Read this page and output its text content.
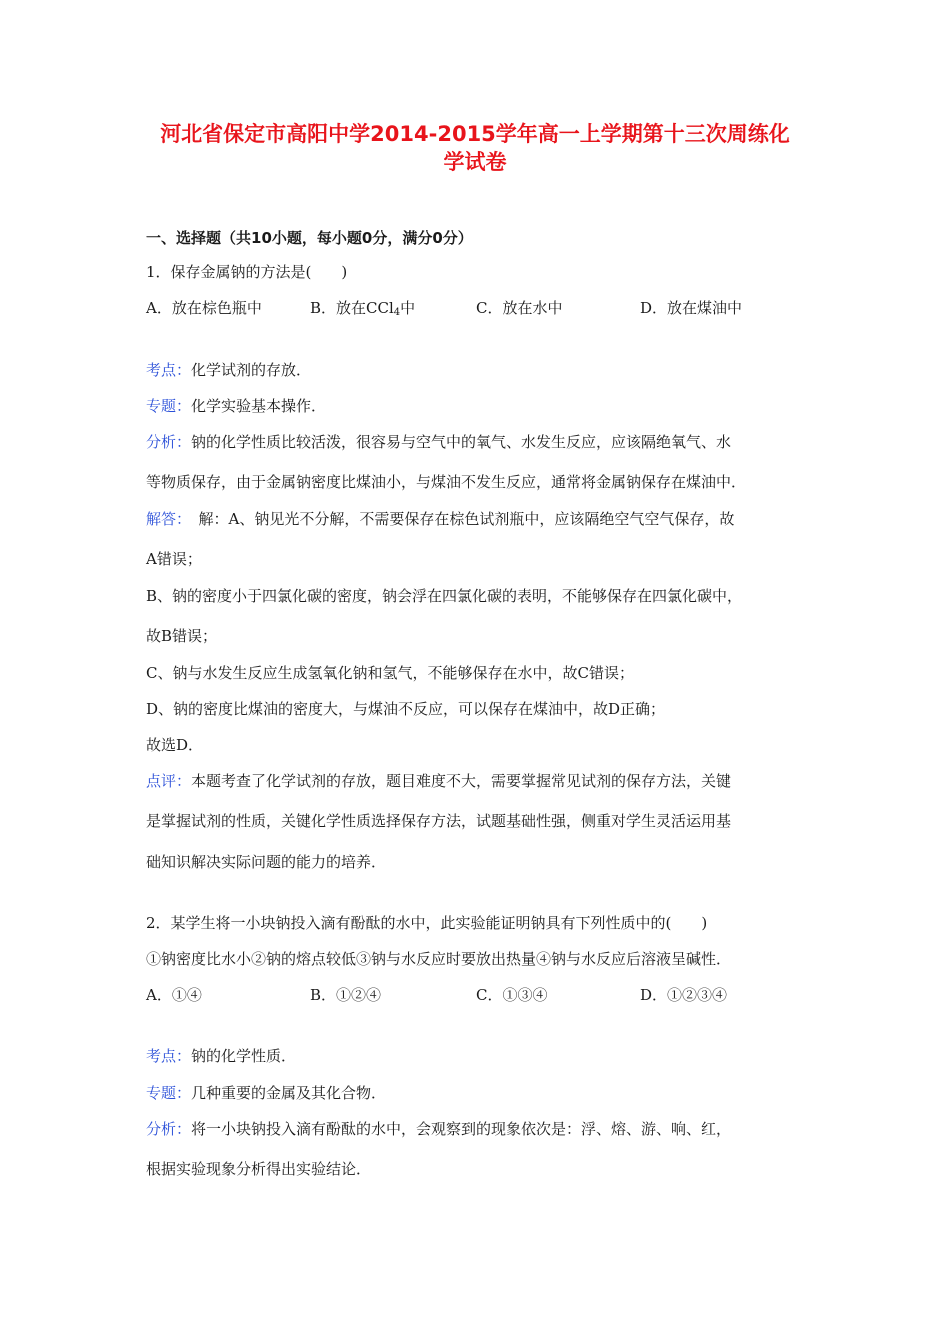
河北省保定市高阳中学2014-2015学年高一上学期第十三次周练化
学试卷
一、选择题（共10小题，每小题0分，满分0分）
1．保存金属钠的方法是(　　)
A．放在棕色瓶中	B．放在CCl$_4$中	C．放在水中	D．放在煤油中
考点：化学试剂的存放．
专题：化学实验基本操作．
分析：钠的化学性质比较活泼，很容易与空气中的氧气、水发生反应，应该隔绝氧气、水
等物质保存，由于金属钠密度比煤油小，与煤油不发生反应，通常将金属钠保存在煤油中．
解答：　解：A、钠见光不分解，不需要保存在棕色试剂瓶中，应该隔绝空气空气保存，故
A错误；
B、钠的密度小于四氯化碳的密度，钠会浮在四氯化碳的表明，不能够保存在四氯化碳中，
故B错误；
C、钠与水发生反应生成氢氧化钠和氢气，不能够保存在水中，故C错误；
D、钠的密度比煤油的密度大，与煤油不反应，可以保存在煤油中，故D正确；
故选D．
点评：本题考查了化学试剂的存放，题目难度不大，需要掌握常见试剂的保存方法，关键
是掌握试剂的性质，关键化学性质选择保存方法，试题基础性强，侧重对学生灵活运用基
础知识解决实际问题的能力的培养．
2．某学生将一小块钠投入滴有酚酞的水中，此实验能证明钠具有下列性质中的(　　)
①钠密度比水小②钠的熔点较低③钠与水反应时要放出热量④钠与水反应后溶液呈碱性．
A．①④	B．①②④	C．①③④	D．①②③④
考点：钠的化学性质．
专题：几种重要的金属及其化合物．
分析：将一小块钠投入滴有酚酞的水中，会观察到的现象依次是：浮、熔、游、响、红，
根据实验现象分析得出实验结论．
